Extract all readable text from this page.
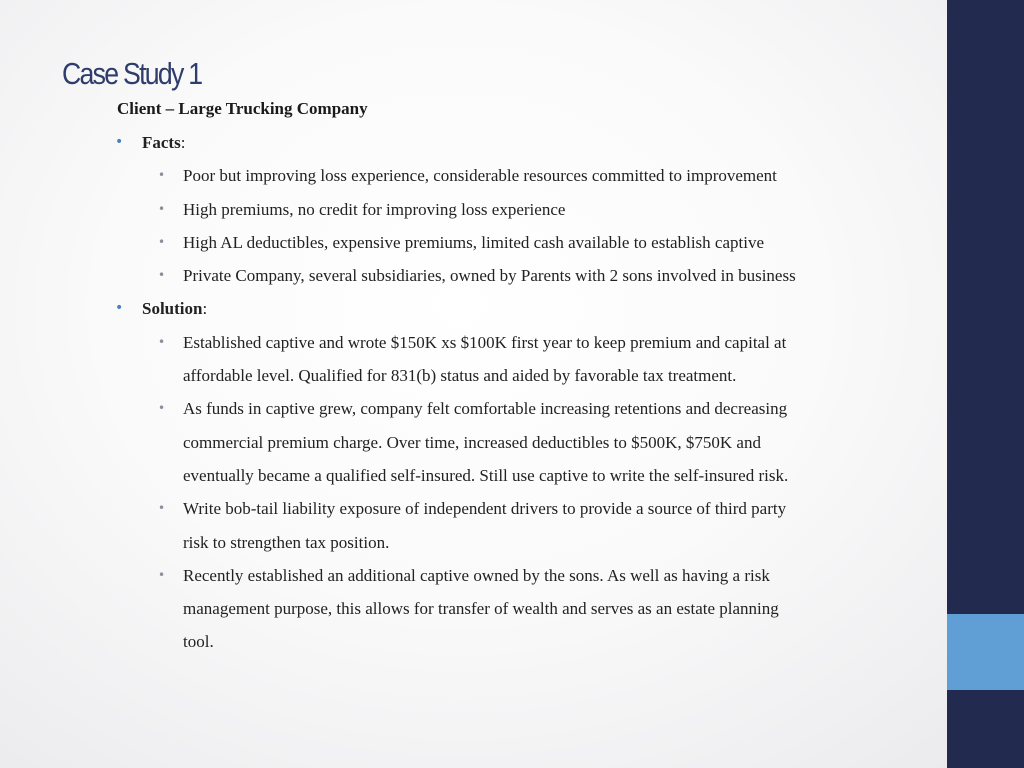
Case Study 1
Client – Large Trucking Company
• Facts:
• Poor but improving loss experience, considerable resources committed to improvement
• High premiums, no credit for improving loss experience
• High AL deductibles, expensive premiums, limited cash available to establish captive
• Private Company, several subsidiaries, owned by Parents with 2 sons involved in business
• Solution:
• Established captive and wrote $150K xs $100K first year to keep premium and capital at
affordable level. Qualified for 831(b) status and aided by favorable tax treatment.
• As funds in captive grew, company felt comfortable increasing retentions and decreasing
commercial premium charge. Over time, increased deductibles to $500K, $750K and
eventually became a qualified self-insured. Still use captive to write the self-insured risk.
• Write bob-tail liability exposure of independent drivers to provide a source of third party
risk to strengthen tax position.
• Recently established an additional captive owned by the sons. As well as having a risk
management purpose, this allows for transfer of wealth and serves as an estate planning
tool.
